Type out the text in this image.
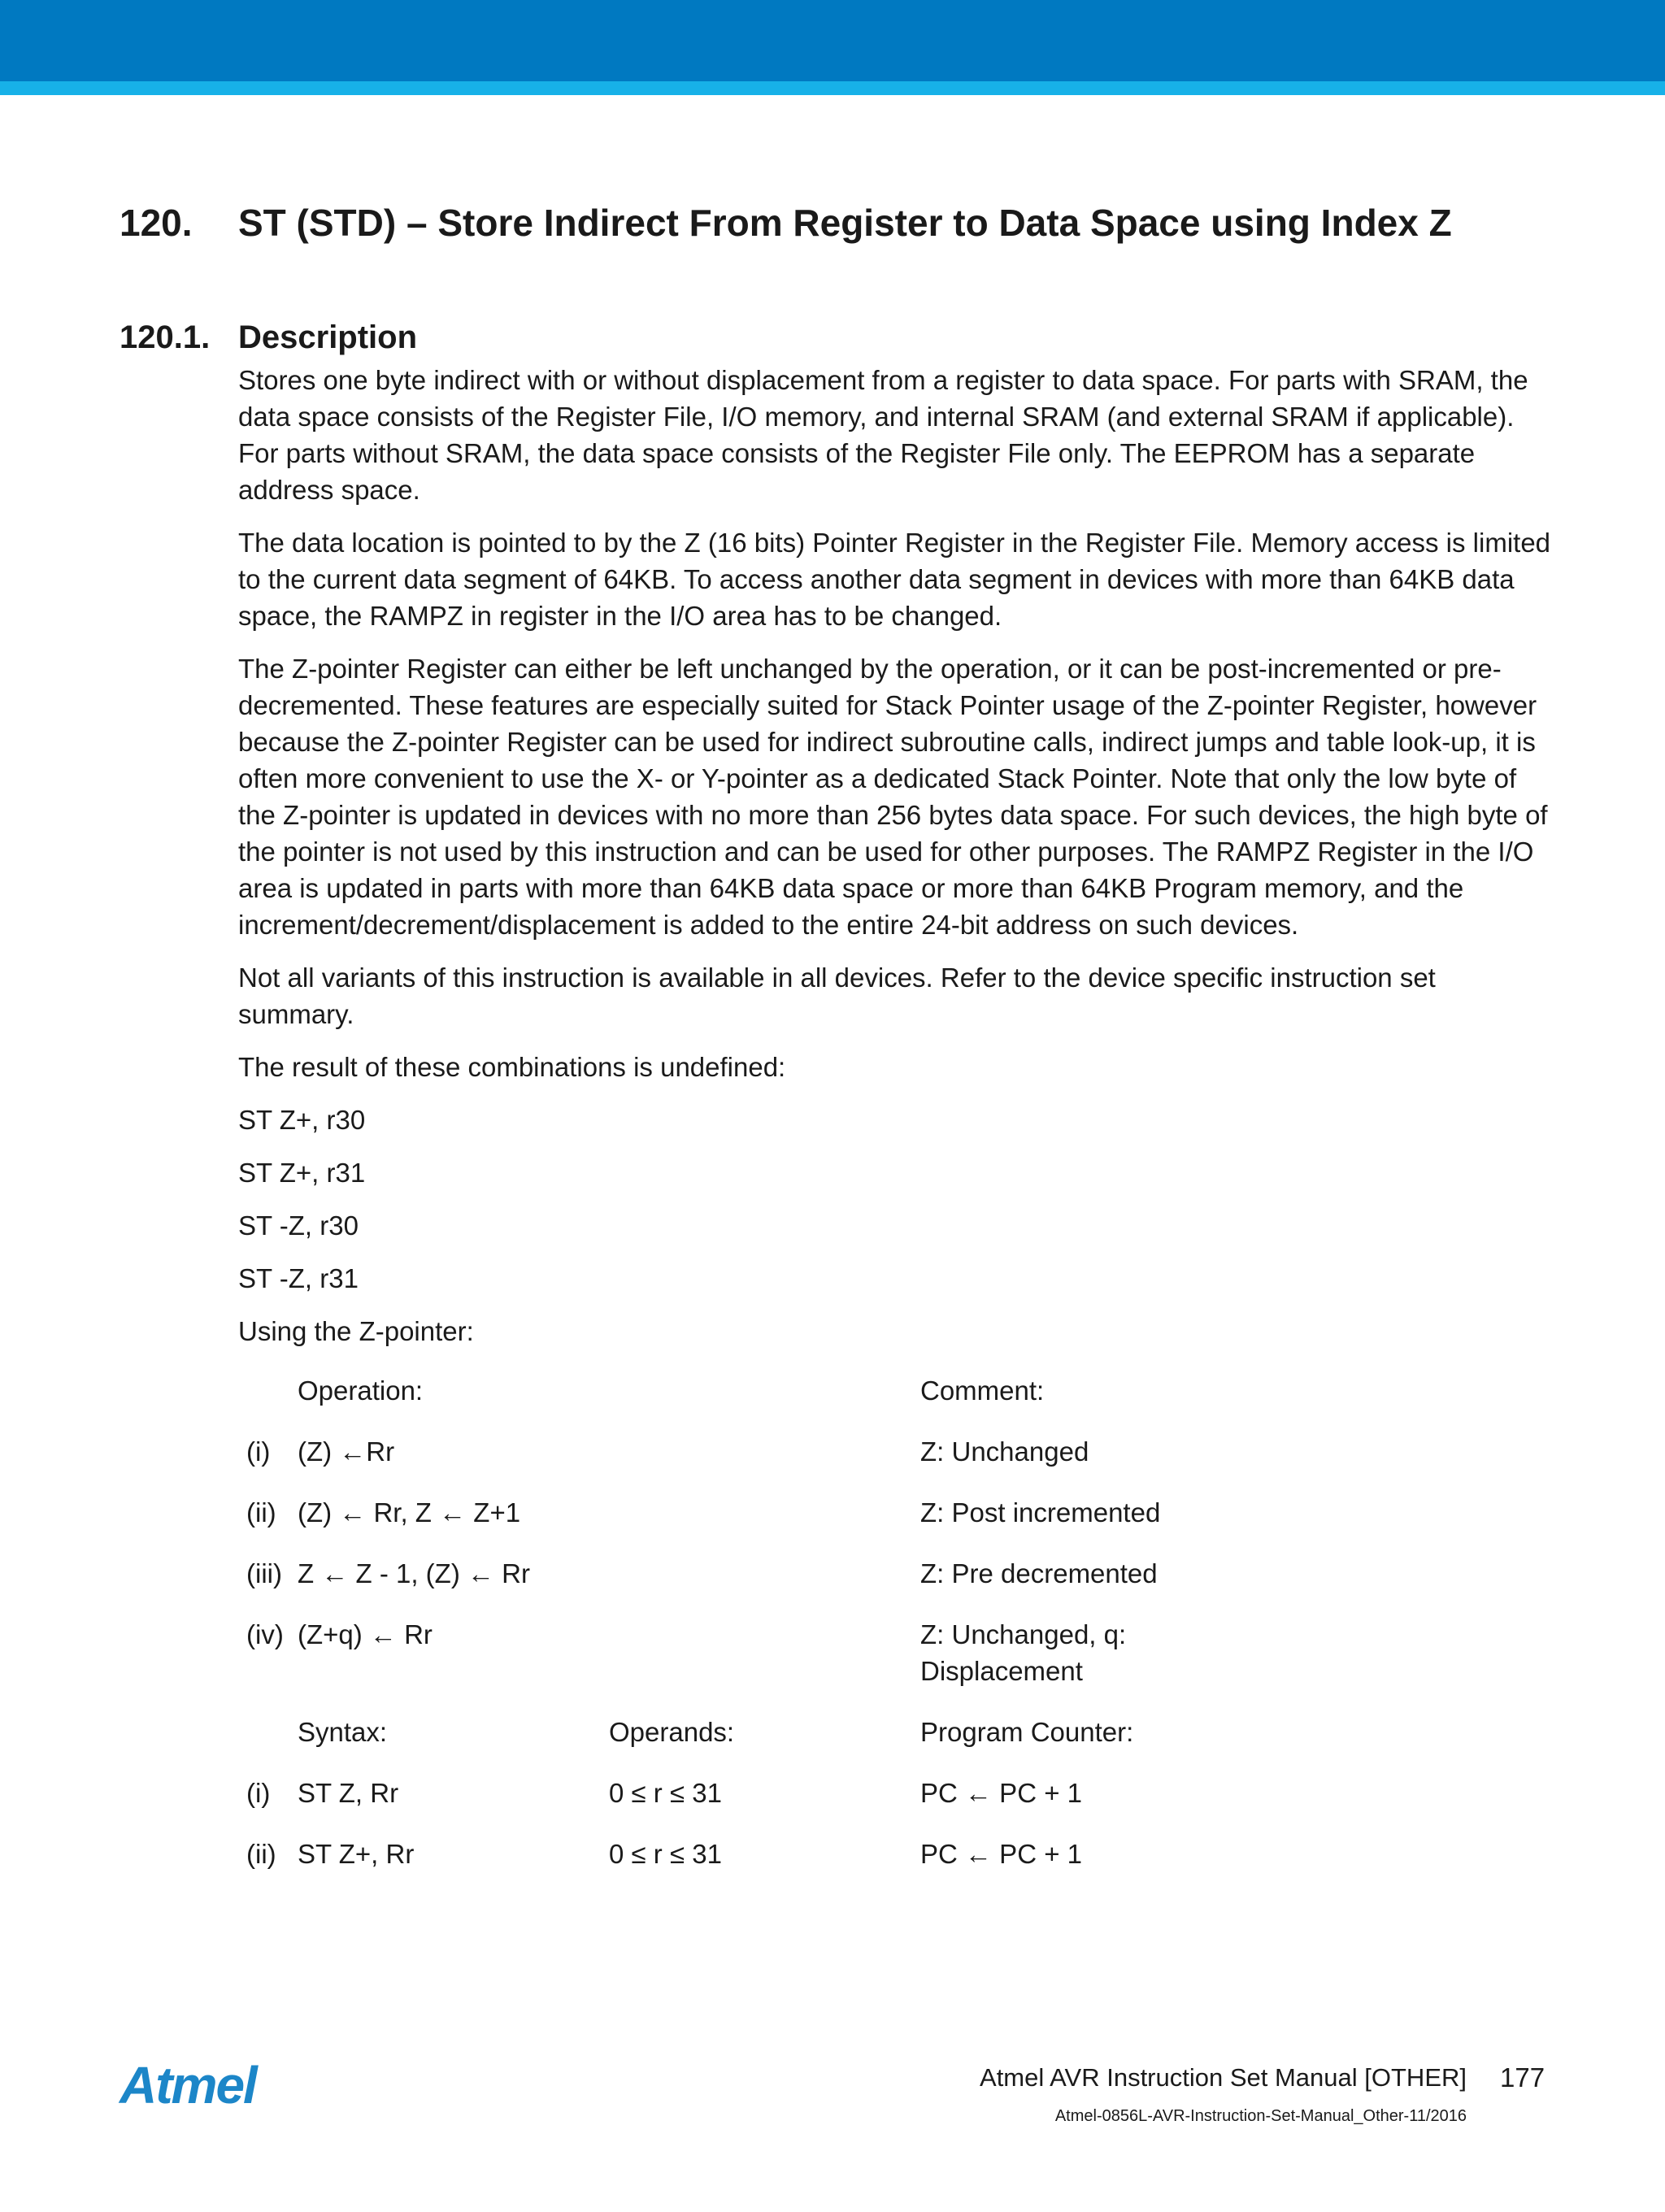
120. ST (STD) – Store Indirect From Register to Data Space using Index Z
120.1. Description

Stores one byte indirect with or without displacement from a register to data space. For parts with SRAM, the data space consists of the Register File, I/O memory, and internal SRAM (and external SRAM if applicable). For parts without SRAM, the data space consists of the Register File only. The EEPROM has a separate address space.

The data location is pointed to by the Z (16 bits) Pointer Register in the Register File. Memory access is limited to the current data segment of 64KB. To access another data segment in devices with more than 64KB data space, the RAMPZ in register in the I/O area has to be changed.

The Z-pointer Register can either be left unchanged by the operation, or it can be post-incremented or pre-decremented. These features are especially suited for Stack Pointer usage of the Z-pointer Register, however because the Z-pointer Register can be used for indirect subroutine calls, indirect jumps and table look-up, it is often more convenient to use the X- or Y-pointer as a dedicated Stack Pointer. Note that only the low byte of the Z-pointer is updated in devices with no more than 256 bytes data space. For such devices, the high byte of the pointer is not used by this instruction and can be used for other purposes. The RAMPZ Register in the I/O area is updated in parts with more than 64KB data space or more than 64KB Program memory, and the increment/decrement/displacement is added to the entire 24-bit address on such devices.

Not all variants of this instruction is available in all devices. Refer to the device specific instruction set summary.

The result of these combinations is undefined:

ST Z+, r30

ST Z+, r31

ST -Z, r30

ST -Z, r31

Using the Z-pointer:

	Operation:		Comment:
(i)	(Z) ←Rr		Z: Unchanged
(ii)	(Z) ← Rr, Z ← Z+1		Z: Post incremented
(iii)	Z ← Z - 1, (Z) ← Rr		Z: Pre decremented
(iv)	(Z+q) ← Rr		Z: Unchanged, q: Displacement
	Syntax:	Operands:	Program Counter:
(i)	ST Z, Rr	0 ≤ r ≤ 31	PC ← PC + 1
(ii)	ST Z+, Rr	0 ≤ r ≤ 31	PC ← PC + 1
Atmel	Atmel AVR Instruction Set Manual [OTHER] 177
Atmel-0856L-AVR-Instruction-Set-Manual_Other-11/2016
